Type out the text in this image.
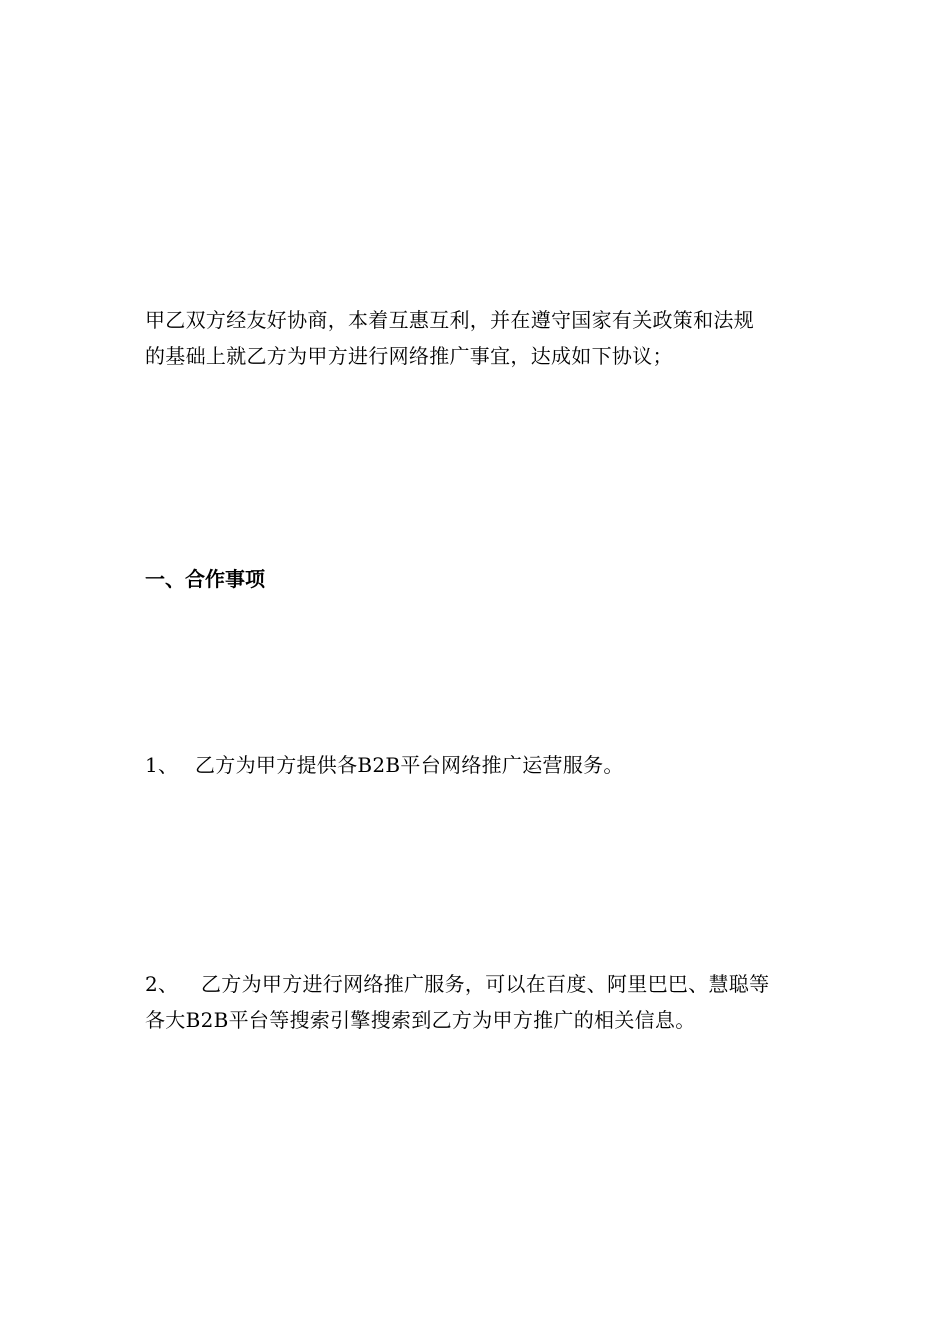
甲乙双方经友好协商，本着互惠互利，并在遵守国家有关政策和法规
的基础上就乙方为甲方进行网络推广事宜，达成如下协议；
一、合作事项
1、 乙方为甲方提供各B2B平台网络推广运营服务。
2、 乙方为甲方进行网络推广服务，可以在百度、阿里巴巴、慧聪等
各大B2B平台等搜索引擎搜索到乙方为甲方推广的相关信息。
